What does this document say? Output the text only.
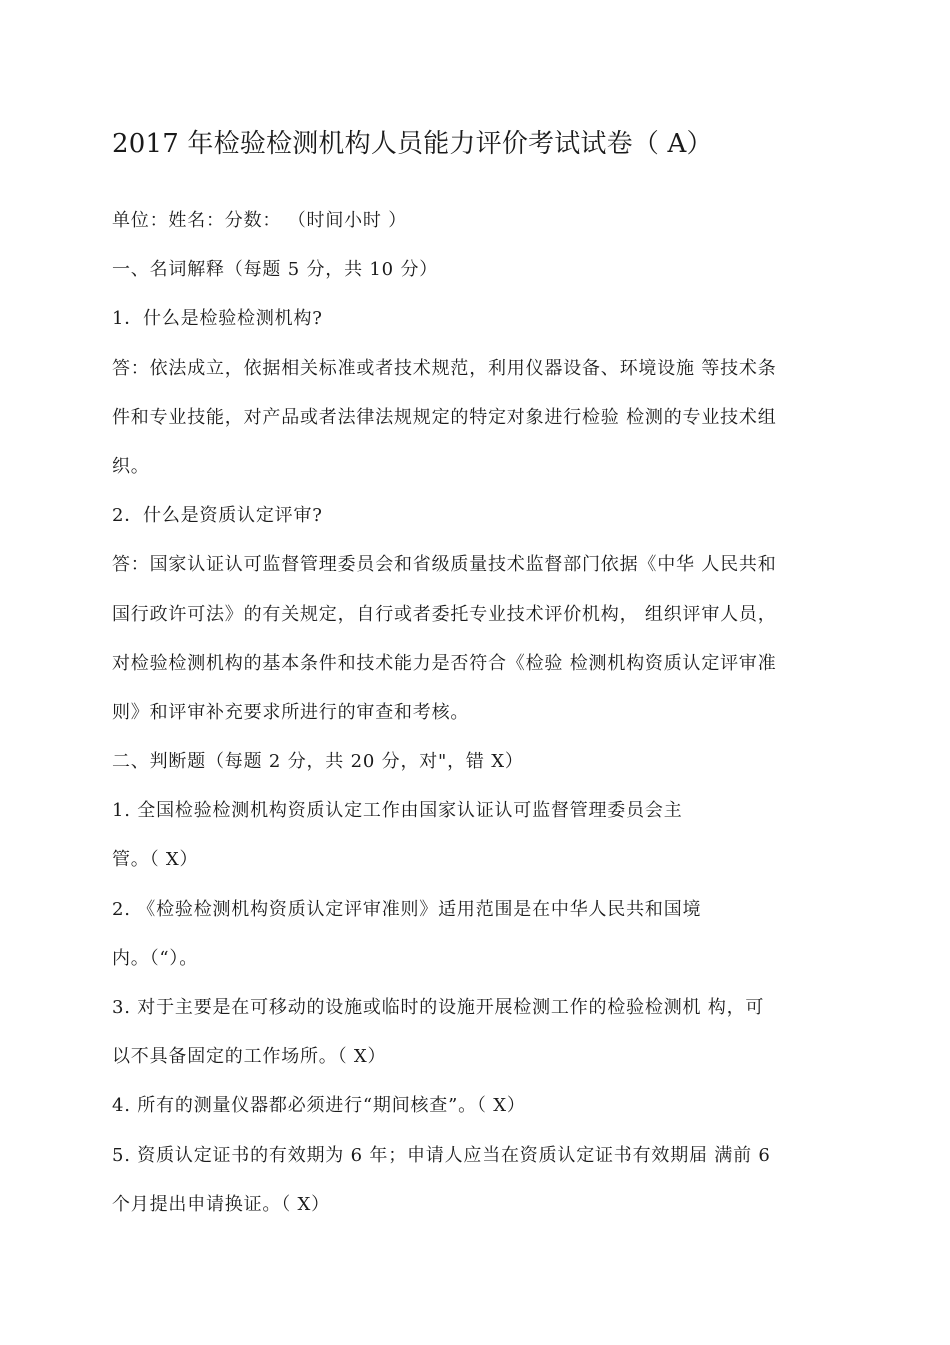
2017 年检验检测机构人员能力评价考试试卷（ A）
单位：姓名：分数： （时间小时 ）
一、名词解释（每题 5 分，共 10 分）
1．什么是检验检测机构?
答：依法成立，依据相关标准或者技术规范，利用仪器设备、环境设施 等技术条
件和专业技能，对产品或者法律法规规定的特定对象进行检验 检测的专业技术组
织。
2．什么是资质认定评审?
答：国家认证认可监督管理委员会和省级质量技术监督部门依据《中华 人民共和
国行政许可法》的有关规定，自行或者委托专业技术评价机构， 组织评审人员，
对检验检测机构的基本条件和技术能力是否符合《检验 检测机构资质认定评审准
则》和评审补充要求所进行的审查和考核。
二、判断题（每题 2 分，共 20 分，对"，错 X）
1. 全国检验检测机构资质认定工作由国家认证认可监督管理委员会主
管。（ X）
2. 《检验检测机构资质认定评审准则》适用范围是在中华人民共和国境
内。（“）。
3. 对于主要是在可移动的设施或临时的设施开展检测工作的检验检测机 构，可
以不具备固定的工作场所。（ X）
4. 所有的测量仪器都必须进行“期间核查”。（ X）
5. 资质认定证书的有效期为 6 年；申请人应当在资质认定证书有效期届 满前 6
个月提出申请换证。（ X）
